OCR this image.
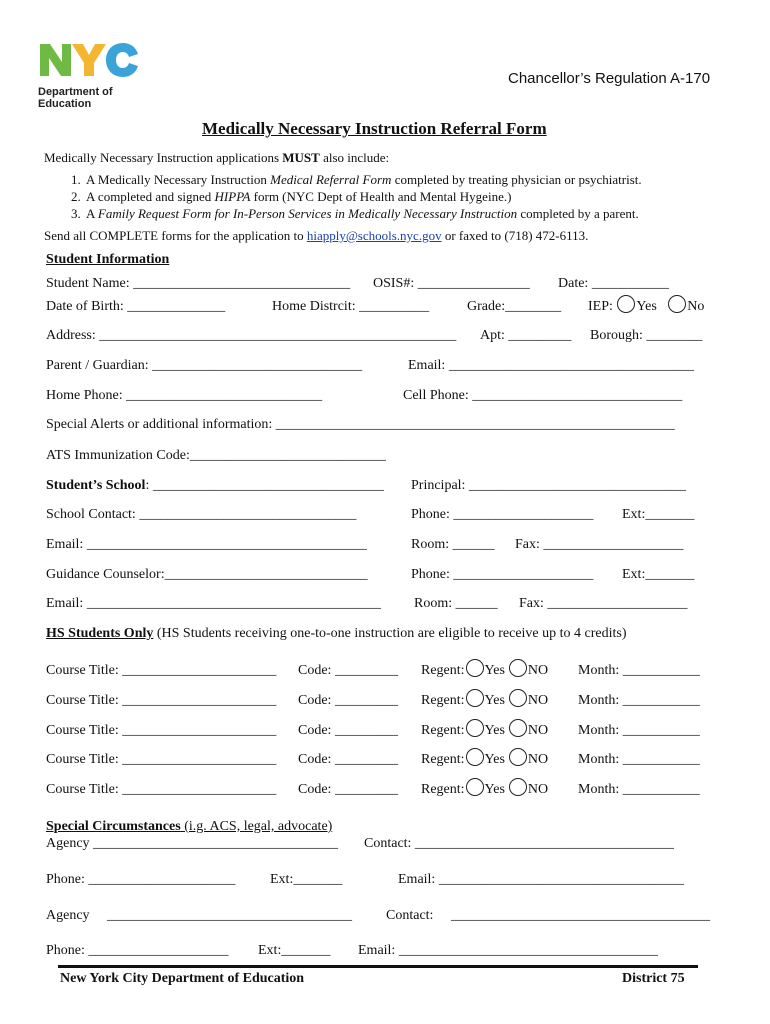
Department of
Education
Chancellor’s Regulation A-170
Medically Necessary Instruction Referral Form
Medically Necessary Instruction applications MUST also include:
1. A Medically Necessary Instruction Medical Referral Form completed by treating physician or psychiatrist.
2. A completed and signed HIPPA form (NYC Dept of Health and Mental Hygeine.)
3. A Family Request Form for In-Person Services in Medically Necessary Instruction completed by a parent.
Send all COMPLETE forms for the application to hiapply@schools.nyc.gov or faxed to (718) 472-6113.
Student Information
Student Name: _______________________________ OSIS#: ________________ Date: ___________
Date of Birth: ______________	Home Distrcit: __________	Grade:________ IEP: Yes No
Address: ___________________________________________________ Apt: _________ Borough: ________
Parent / Guardian: ______________________________	Email: ___________________________________
Home Phone: ____________________________	Cell Phone: ______________________________
Special Alerts or additional information: _________________________________________________________
ATS Immunization Code:____________________________
Student’s School: _________________________________ Principal: _______________________________
School Contact: _______________________________	Phone: ____________________ Ext:_______
Email: ________________________________________	Room: ______ Fax: ____________________
Guidance Counselor:_____________________________	Phone: ____________________ Ext:_______
Email: __________________________________________ Room: ______ Fax: ____________________
HS Students Only (HS Students receiving one-to-one instruction are eligible to receive up to 4 credits)
Course Title: ______________________ Code: _________ Regent: Yes NO Month: ___________
Course Title: ______________________ Code: _________ Regent: Yes NO Month: ___________
Course Title: ______________________ Code: _________ Regent: Yes NO Month: ___________
Course Title: ______________________ Code: _________ Regent: Yes NO Month: ___________
Course Title: ______________________ Code: _________ Regent: Yes NO Month: ___________
Special Circumstances (i.g. ACS, legal, advocate)
Agency ___________________________________ Contact: _____________________________________
Phone: _____________________ Ext:_______	Email: ___________________________________
Agency ___________________________________ Contact: _____________________________________
Phone: ____________________ Ext:_______ Email: _____________________________________
New York City Department of Education	District 75
